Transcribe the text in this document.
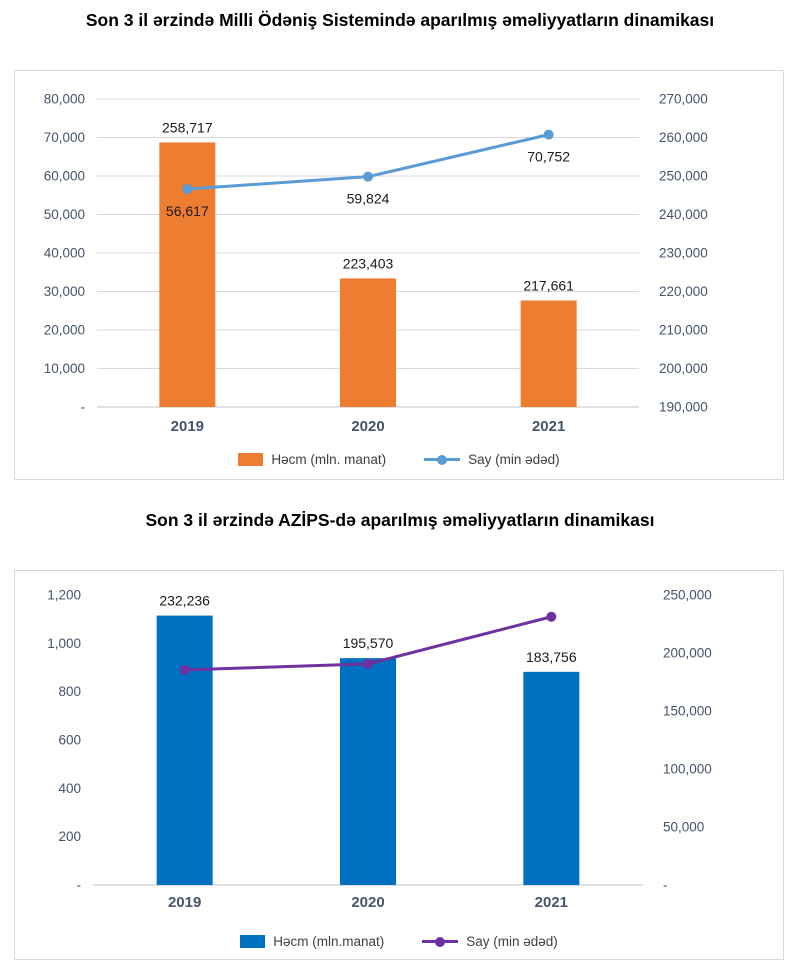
Son 3 il ərzində Milli Ödəniş Sistemində aparılmış əməliyyatların dinamikası
80,000
70,000
60,000
50,000
40,000
30,000
20,000
10,000
-
270,000
260,000
250,000
240,000
230,000
220,000
210,000
200,000
190,000
2019	2020	2021
258,717
223,403
217,661
56,617
59,824
70,752
Həcm (mln. manat)	Say (min ədəd)
Son 3 il ərzində AZİPS-də aparılmış əməliyyatların dinamikası
1,200
1,000
800
600
400
200
-
250,000
200,000
150,000
100,000
50,000
-
2019	2020	2021
232,236
195,570
183,756
Həcm (mln.manat)	Say (min ədəd)
